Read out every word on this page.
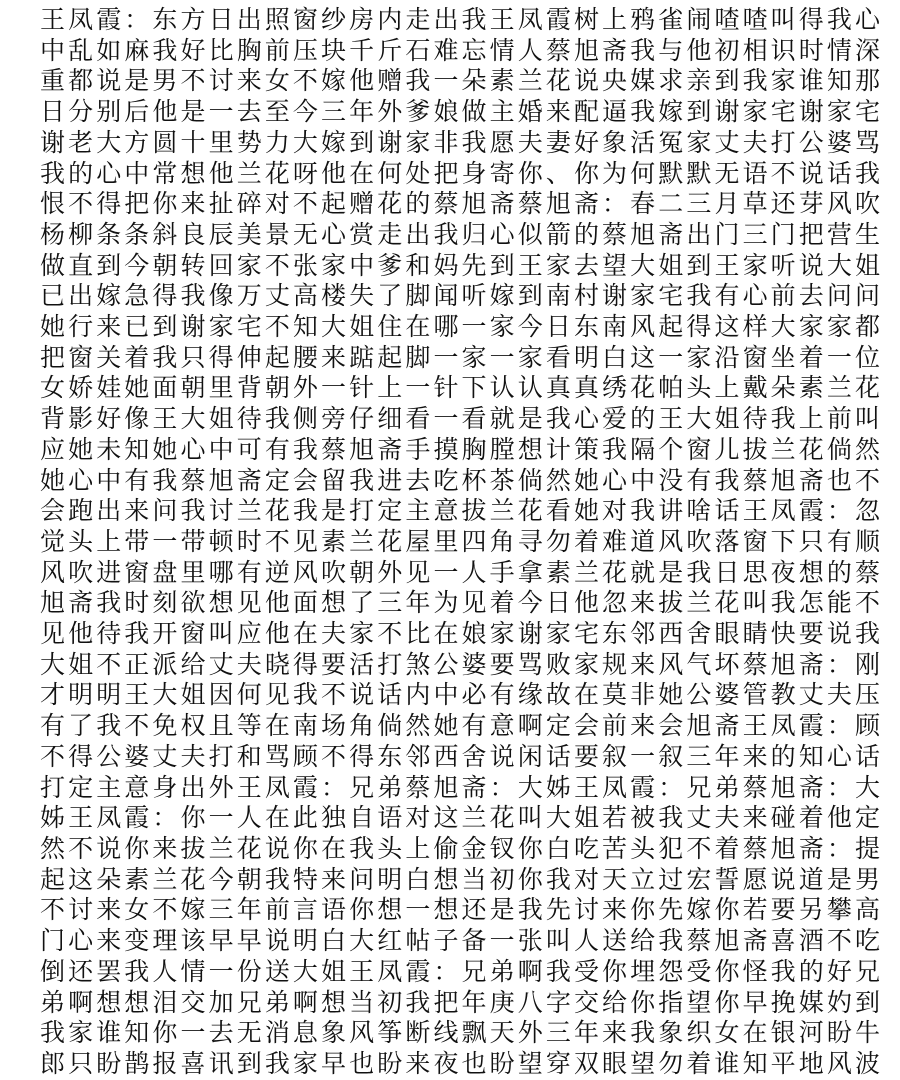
王凤霞：东方日出照窗纱房内走出我王凤霞树上鸦雀闹喳喳叫得我心
中乱如麻我好比胸前压块千斤石难忘情人蔡旭斋我与他初相识时情深
重都说是男不讨来女不嫁他赠我一朵素兰花说央媒求亲到我家谁知那
日分别后他是一去至今三年外爹娘做主婚来配逼我嫁到谢家宅谢家宅
谢老大方圆十里势力大嫁到谢家非我愿夫妻好象活冤家丈夫打公婆骂
我的心中常想他兰花呀他在何处把身寄你、你为何默默无语不说话我
恨不得把你来扯碎对不起赠花的蔡旭斋蔡旭斋：春二三月草还芽风吹
杨柳条条斜良辰美景无心赏走出我归心似箭的蔡旭斋出门三门把营生
做直到今朝转回家不张家中爹和妈先到王家去望大姐到王家听说大姐
已出嫁急得我像万丈高楼失了脚闻听嫁到南村谢家宅我有心前去问问
她行来已到谢家宅不知大姐住在哪一家今日东南风起得这样大家家都
把窗关着我只得伸起腰来踮起脚一家一家看明白这一家沿窗坐着一位
女娇娃她面朝里背朝外一针上一针下认认真真绣花帕头上戴朵素兰花
背影好像王大姐待我侧旁仔细看一看就是我心爱的王大姐待我上前叫
应她未知她心中可有我蔡旭斋手摸胸膛想计策我隔个窗儿拔兰花倘然
她心中有我蔡旭斋定会留我进去吃杯茶倘然她心中没有我蔡旭斋也不
会跑出来问我讨兰花我是打定主意拔兰花看她对我讲啥话王凤霞：忽
觉头上带一带顿时不见素兰花屋里四角寻勿着难道风吹落窗下只有顺
风吹进窗盘里哪有逆风吹朝外见一人手拿素兰花就是我日思夜想的蔡
旭斋我时刻欲想见他面想了三年为见着今日他忽来拔兰花叫我怎能不
见他待我开窗叫应他在夫家不比在娘家谢家宅东邻西舍眼睛快要说我
大姐不正派给丈夫晓得要活打煞公婆要骂败家规来风气坏蔡旭斋：刚
才明明王大姐因何见我不说话内中必有缘故在莫非她公婆管教丈夫压
有了我不免权且等在南场角倘然她有意啊定会前来会旭斋王凤霞：顾
不得公婆丈夫打和骂顾不得东邻西舍说闲话要叙一叙三年来的知心话
打定主意身出外王凤霞：兄弟蔡旭斋：大姊王凤霞：兄弟蔡旭斋：大
姊王凤霞：你一人在此独自语对这兰花叫大姐若被我丈夫来碰着他定
然不说你来拔兰花说你在我头上偷金钗你白吃苦头犯不着蔡旭斋：提
起这朵素兰花今朝我特来问明白想当初你我对天立过宏誓愿说道是男
不讨来女不嫁三年前言语你想一想还是我先讨来你先嫁你若要另攀高
门心来变理该早早说明白大红帖子备一张叫人送给我蔡旭斋喜酒不吃
倒还罢我人情一份送大姐王凤霞：兄弟啊我受你埋怨受你怪我的好兄
弟啊想想泪交加兄弟啊想当初我把年庚八字交给你指望你早挽媒妁到
我家谁知你一去无消息象风筝断线飘天外三年来我象织女在银河盼牛
郎只盼鹊报喜讯到我家早也盼来夜也盼望穿双眼望勿着谁知平地风波
